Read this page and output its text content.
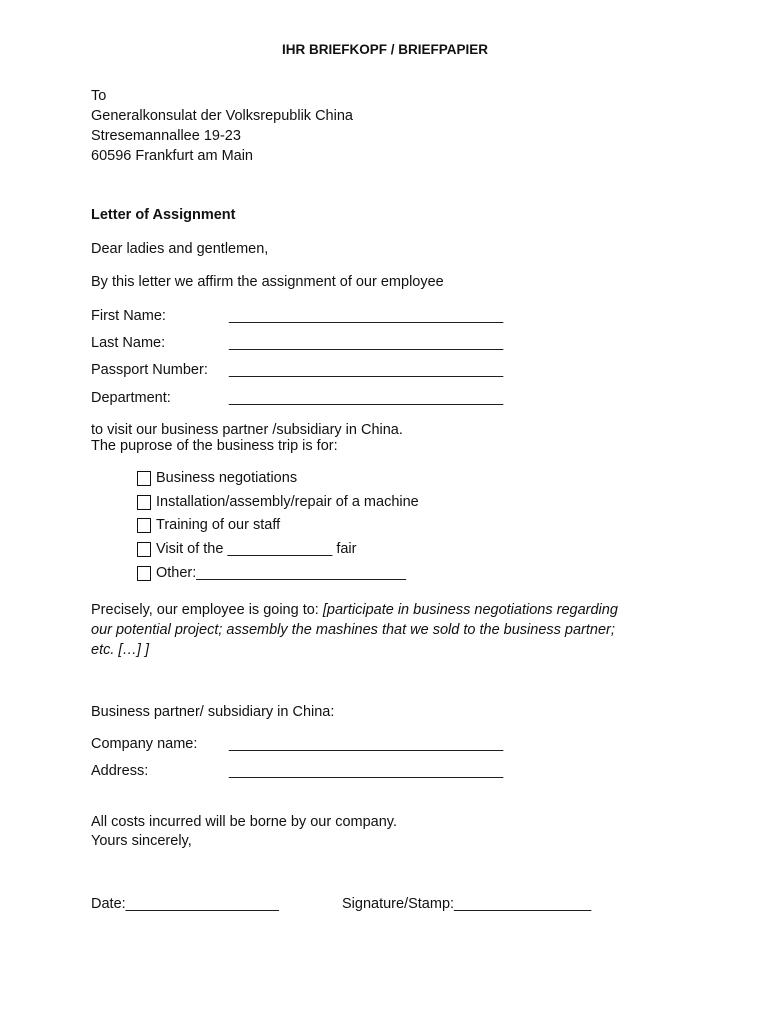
IHR BRIEFKOPF / BRIEFPAPIER
To
Generalkonsulat der Volksrepublik China
Stresemannallee 19-23
60596 Frankfurt am Main
Letter of Assignment
Dear ladies and gentlemen,
By this letter we affirm the assignment of our employee
First Name:	__________________________________
Last Name:	__________________________________
Passport Number: __________________________________
Department:	__________________________________
to visit our business partner /subsidiary in China.
The puprose of the business trip is for:
Business negotiations
Installation/assembly/repair of a machine
Training of our staff
Visit of the _____________ fair
Other:__________________________
Precisely, our employee is going to: [participate in business negotiations regarding
our potential project; assembly the mashines that we sold to the business partner;
etc. […] ]
Business partner/ subsidiary in China:
Company name: __________________________________
Address:	__________________________________
All costs incurred will be borne by our company.
Yours sincerely,
Date:___________________	Signature/Stamp:_________________
